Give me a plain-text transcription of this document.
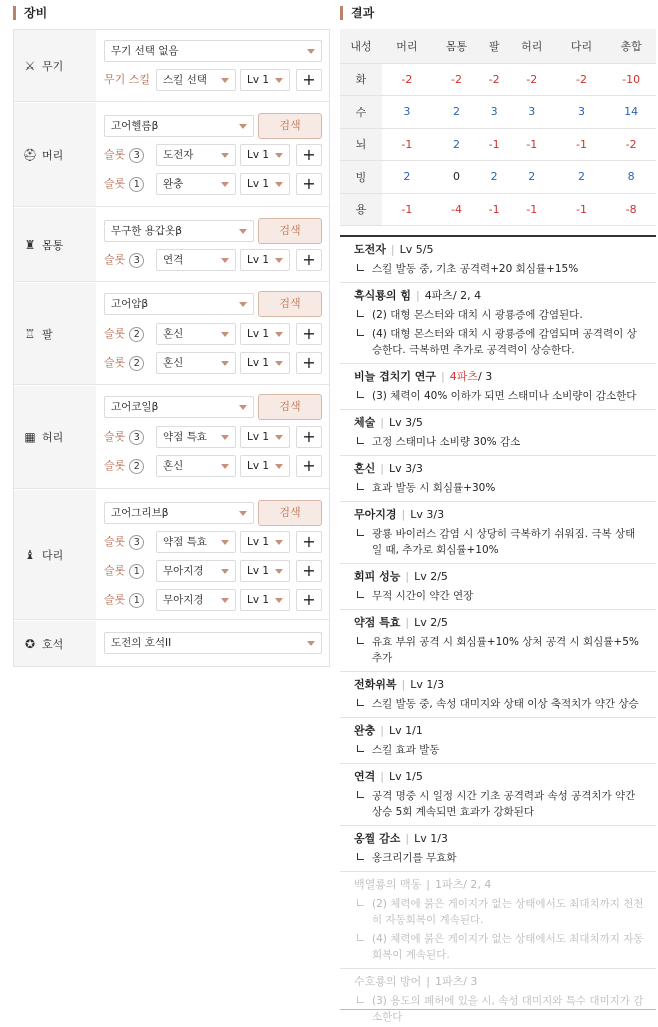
장비
⚔ 무기
무기 선택 없음
무기 스킬	스킬 선택	Lv 1	+
⛑ 머리
고어헬름β	검색
슬롯 3	도전자	Lv 1	+
슬롯 1	완충	Lv 1	+
♜ 몸통
무구한 용갑옷β	검색
슬롯 3	연격	Lv 1	+
♖ 팔
고어암β	검색
슬롯 2	혼신	Lv 1	+
슬롯 2	혼신	Lv 1	+
▦ 허리
고어코일β	검색
슬롯 3	약점 특효	Lv 1	+
슬롯 2	혼신	Lv 1	+
♝ 다리
고어그리브β	검색
슬롯 3	약점 특효	Lv 1	+
슬롯 1	무아지경	Lv 1	+
슬롯 1	무아지경	Lv 1	+
✪ 호석	도전의 호석II
결과
내성	머리	몸통	팔	허리	다리	총합
화	-2	-2	-2	-2	-2	-10
수	3	2	3	3	3	14
뇌	-1	2	-1	-1	-1	-2
빙	2	0	2	2	2	8
용	-1	-4	-1	-1	-1	-8
도전자 | Lv 5/5
스킬 발동 중, 기초 공격력+20 회심률+15%
흑식룡의 힘 | 4파츠/ 2, 4
(2) 대형 몬스터와 대치 시 광룡증에 감염된다.
(4) 대형 몬스터와 대치 시 광룡증에 감염되며 공격력이 상승한다. 극복하면 추가로 공격력이 상승한다.
비늘 겹치기 연구 | 4파츠/ 3
(3) 체력이 40% 이하가 되면 스태미나 소비량이 감소한다
체술 | Lv 3/5
고정 스태미나 소비량 30% 감소
혼신 | Lv 3/3
효과 발동 시 회심률+30%
무아지경 | Lv 3/3
광룡 바이러스 감염 시 상당히 극복하기 쉬워짐. 극복 상태일 때, 추가로 회심률+10%
회피 성능 | Lv 2/5
무적 시간이 약간 연장
약점 특효 | Lv 2/5
유효 부위 공격 시 회심률+10% 상처 공격 시 회심률+5% 추가
전화위복 | Lv 1/3
스킬 발동 중, 속성 대미지와 상태 이상 축적치가 약간 상승
완충 | Lv 1/1
스킬 효과 발동
연격 | Lv 1/5
공격 명중 시 일정 시간 기초 공격력과 속성 공격치가 약간 상승 5회 계속되면 효과가 강화된다
옹찔 감소 | Lv 1/3
옹크리기를 무효화
백열룡의 맥동 | 1파츠/ 2, 4
(2) 체력에 붉은 게이지가 없는 상태에서도 최대치까지 천천히 자동회복이 계속된다.
(4) 체력에 붉은 게이지가 없는 상태에서도 최대치까지 자동회복이 계속된다.
수호룡의 방어 | 1파츠/ 3
(3) 용도의 폐허에 있을 시, 속성 대미지와 특수 대미지가 감소한다
